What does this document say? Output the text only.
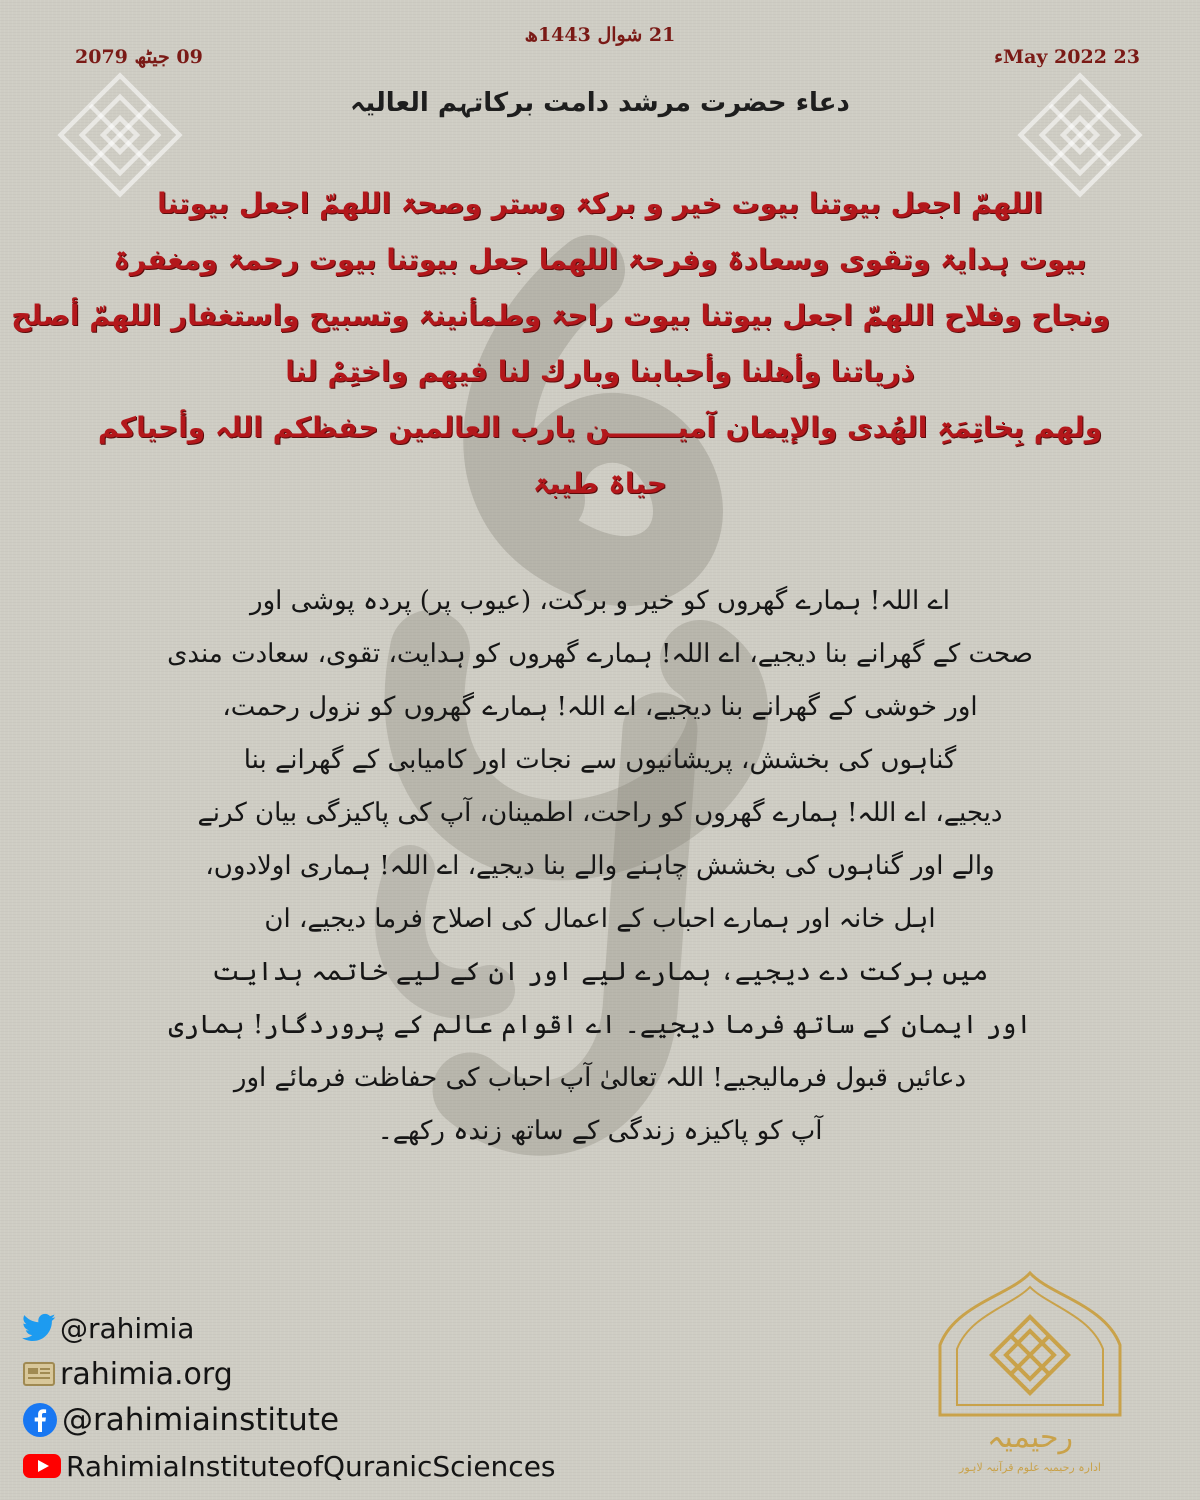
21 شوال 1443ھ
09 جیٹھ 2079	23 May 2022ء
دعاء حضرت مرشد دامت برکاتہم العالیہ
اللھمّ اجعل بیوتنا بیوت خیر و برکۃ وستر وصحۃ اللھمّ اجعل بیوتنا
بیوت ہدایۃ وتقوی وسعادۃ وفرحۃ اللھما جعل بیوتنا بیوت رحمۃ ومغفرۃ
ونجاح وفلاح اللھمّ اجعل بیوتنا بیوت راحۃ وطمأنینۃ وتسبیح واستغفار اللھمّ أصلح
ذریاتنا وأھلنا وأحبابنا وبارك لنا فیھم واختِمْ لنا
ولھم بِخاتِمَۃِ الھُدی والإیمان آمیـــــــن یارب العالمین حفظکم اللہ وأحیاکم
حیاۃ طیبۃ
اے اللہ! ہمارے گھروں کو خیر و برکت، (عیوب پر) پردہ پوشی اور
صحت کے گھرانے بنا دیجیے، اے اللہ! ہمارے گھروں کو ہدایت، تقوی، سعادت مندی
اور خوشی کے گھرانے بنا دیجیے، اے اللہ! ہمارے گھروں کو نزول رحمت،
گناہوں کی بخشش، پریشانیوں سے نجات اور کامیابی کے گھرانے بنا
دیجیے، اے اللہ! ہمارے گھروں کو راحت، اطمینان، آپ کی پاکیزگی بیان کرنے
والے اور گناہوں کی بخشش چاہنے والے بنا دیجیے، اے اللہ! ہماری اولادوں،
اہل خانہ اور ہمارے احباب کے اعمال کی اصلاح فرما دیجیے، ان
میں برکت دے دیجیے، ہمارے لیے اور ان کے لیے خاتمہ ہدایت
اور ایمان کے ساتھ فرما دیجیے۔ اے اقوام عالم کے پروردگار! ہماری
دعائیں قبول فرمالیجیے! اللہ تعالیٰ آپ احباب کی حفاظت فرمائے اور
آپ کو پاکیزہ زندگی کے ساتھ زندہ رکھے۔
@rahimia
rahimia.org
@rahimiainstitute
RahimiaInstituteofQuranicSciences
رحیمیہ
ادارہ رحیمیہ علوم قرآنیہ لاہور
